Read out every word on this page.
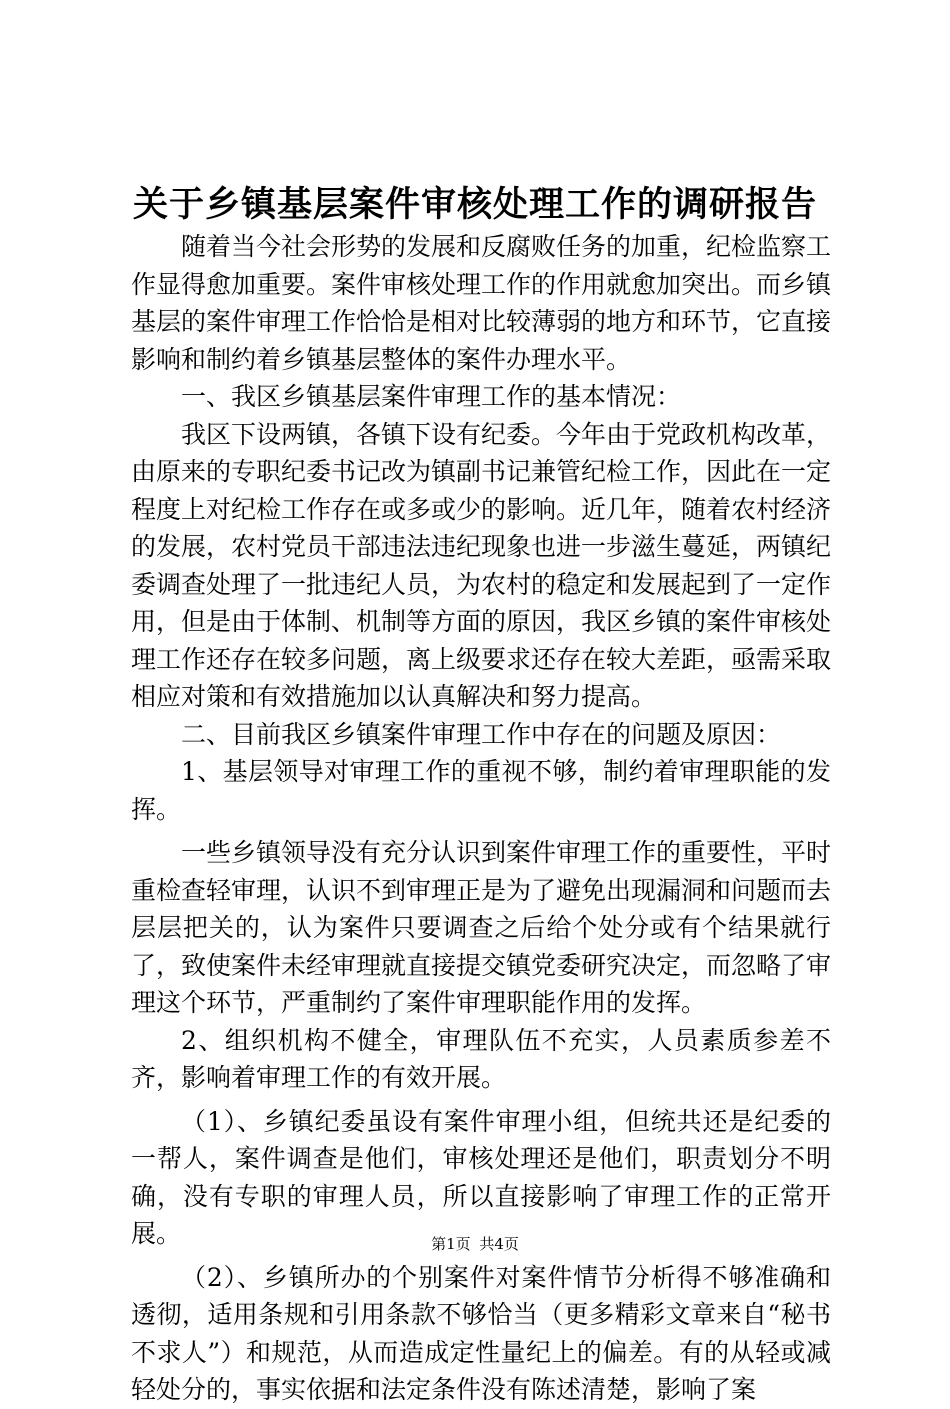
关于乡镇基层案件审核处理工作的调研报告

随着当今社会形势的发展和反腐败任务的加重，纪检监察工作显得愈加重要。案件审核处理工作的作用就愈加突出。而乡镇基层的案件审理工作恰恰是相对比较薄弱的地方和环节，它直接影响和制约着乡镇基层整体的案件办理水平。

一、我区乡镇基层案件审理工作的基本情况：

我区下设两镇，各镇下设有纪委。今年由于党政机构改革，由原来的专职纪委书记改为镇副书记兼管纪检工作，因此在一定程度上对纪检工作存在或多或少的影响。近几年，随着农村经济的发展，农村党员干部违法违纪现象也进一步滋生蔓延，两镇纪委调查处理了一批违纪人员，为农村的稳定和发展起到了一定作用，但是由于体制、机制等方面的原因，我区乡镇的案件审核处理工作还存在较多问题，离上级要求还存在较大差距，亟需采取相应对策和有效措施加以认真解决和努力提高。

二、目前我区乡镇案件审理工作中存在的问题及原因：

1、基层领导对审理工作的重视不够，制约着审理职能的发挥。

一些乡镇领导没有充分认识到案件审理工作的重要性，平时重检查轻审理，认识不到审理正是为了避免出现漏洞和问题而去层层把关的，认为案件只要调查之后给个处分或有个结果就行了，致使案件未经审理就直接提交镇党委研究决定，而忽略了审理这个环节，严重制约了案件审理职能作用的发挥。

2、组织机构不健全，审理队伍不充实，人员素质参差不齐，影响着审理工作的有效开展。

（1）、乡镇纪委虽设有案件审理小组，但统共还是纪委的一帮人，案件调查是他们，审核处理还是他们，职责划分不明确，没有专职的审理人员，所以直接影响了审理工作的正常开展。

（2）、乡镇所办的个别案件对案件情节分析得不够准确和透彻，适用条规和引用条款不够恰当（更多精彩文章来自“秘书不求人”）和规范，从而造成定性量纪上的偏差。有的从轻或减轻处分的，事实依据和法定条件没有陈述清楚，影响了案

第1页 共4页
